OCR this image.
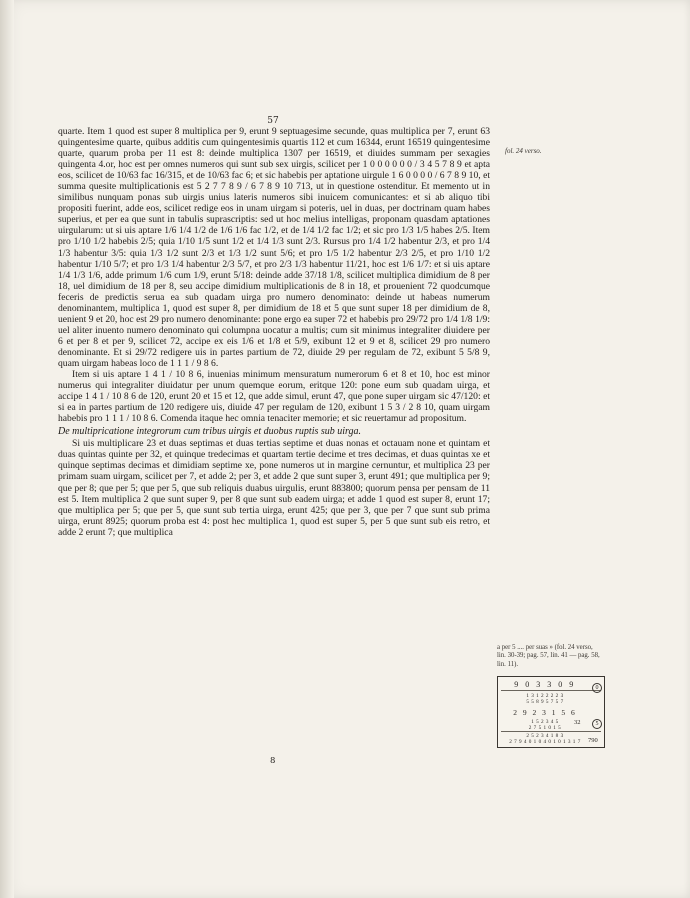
57

quarte. Item 1 quod est super 8 multiplica per 9, erunt 9 septuagesime secunde, quas multiplica per 7, erunt 63 quingentesime quarte, quibus additis cum quingentesimis quartis 112 et cum 16344, erunt 16519 quingentesime quarte, quarum proba per 11 est 8: deinde multiplica 1307 per 16519, et diuides summam per sexagies quingenta 4.or, hoc est per omnes numeros qui sunt sub sex uirgis, scilicet per 1 0 0 0 0 0 0 / 3 4 5 7 8 9 et apta eos, scilicet de 10/63 fac 16/315, et de 10/63 fac 6; et sic habebis per aptatione uirgule 1 6 0 0 0 0 / 6 7 8 9 10, et summa quesite multiplicationis est 5 2 7 7 8 9 / 6 7 8 9 10 713, ut in questione ostenditur. Et memento ut in similibus nunquam ponas sub uirgis unius lateris numeros sibi inuicem comunicantes: et si ab aliquo tibi propositi fuerint, adde eos, scilicet redige eos in unam uirgam si poteris, uel in duas, per doctrinam quam habes superius, et per ea que sunt in tabulis suprascriptis: sed ut hoc melius intelligas, proponam quasdam aptationes uirgularum: ut si uis aptare 1/6 1/4 1/2 de 1/6 1/6 fac 1/2, et de 1/4 1/2 fac 1/2; et sic pro 1/3 1/5 habes 2/5. Item pro 1/10 1/2 habebis 2/5; quia 1/10 1/5 sunt 1/2 et 1/4 1/3 sunt 2/3. Rursus pro 1/4 1/2 habentur 2/3, et pro 1/4 1/3 habentur 3/5: quia 1/3 1/2 sunt 2/3 et 1/3 1/2 sunt 5/6; et pro 1/5 1/2 habentur 2/3 2/5, et pro 1/10 1/2 habentur 1/10 5/7; et pro 1/3 1/4 habentur 2/3 5/7, et pro 2/3 1/3 habentur 11/21, hoc est 1/6 1/7: et si uis aptare 1/4 1/3 1/6, adde primum 1/6 cum 1/9, erunt 5/18: deinde adde 37/18 1/8, scilicet multiplica dimidium de 8 per 18, uel dimidium de 18 per 8, seu accipe dimidium multiplicationis de 8 in 18, et prouenient 72 quodcumque feceris de predictis serua ea sub quadam uirga pro numero denominato: deinde ut habeas numerum denominantem, multiplica 1, quod est super 8, per dimidium de 18 et 5 que sunt super 18 per dimidium de 8, uenient 9 et 20, hoc est 29 pro numero denominante: pone ergo ea super 72 et habebis pro 29/72 pro 1/4 1/8 1/9: uel aliter inuento numero denominato qui columpna uocatur a multis; cum sit minimus integraliter diuidere per 6 et per 8 et per 9, scilicet 72, accipe ex eis 1/6 et 1/8 et 5/9, exibunt 12 et 9 et 8, scilicet 29 pro numero denominante. Et si 29/72 redigere uis in partes partium de 72, diuide 29 per regulam de 72, exibunt 5 5/8 9, quam uirgam habeas loco de 1 1 1 / 9 8 6.

Item si uis aptare 1 4 1 / 10 8 6, inuenias minimum mensuratum numerorum 6 et 8 et 10, hoc est minor numerus qui integraliter diuidatur per unum quemque eorum, eritque 120: pone eum sub quadam uirga, et accipe 1 4 1 / 10 8 6 de 120, erunt 20 et 15 et 12, que adde simul, erunt 47, que pone super uirgam sic 47/120: et si ea in partes partium de 120 redigere uis, diuide 47 per regulam de 120, exibunt 1 5 3 / 2 8 10, quam uirgam habebis pro 1 1 1 / 10 8 6. Comenda itaque hec omnia tenaciter memorie; et sic reuertamur ad propositum.

De multipricatione integrorum cum tribus uirgis et duobus ruptis sub uirga.

Si uis multiplicare 23 et duas septimas et duas tertias septime et duas nonas et octauam none et quintam et duas quintas quinte per 32, et quinque tredecimas et quartam tertie decime et tres decimas, et duas quintas xe et quinque septimas decimas et dimidiam septime xe, pone numeros ut in margine cernuntur, et multiplica 23 per primam suam uirgam, scilicet per 7, et adde 2; per 3, et adde 2 que sunt super 3, erunt 491; que multiplica per 9; que per 8; que per 5; que per 5, que sub reliquis duabus uirgulis, erunt 883800; quorum pensa per pensam de 11 est 5. Item multiplica 2 que sunt super 9, per 8 que sunt sub eadem uirga; et adde 1 quod est super 8, erunt 17; que multiplica per 5; que per 5, que sunt sub tertia uirga, erunt 425; que per 3, que per 7 que sunt sub prima uirga, erunt 8925; quorum proba est 4: post hec multiplica 1, quod est super 5, per 5 que sunt sub eis retro, et adde 2 erunt 7; que multiplica

8
fol. 24 verso.
a per 5 .... per suas » (fol. 24 verso, lin. 30-39; pag. 57, lin. 41 — pag. 58, lin. 11).
9 0 3 3 0 9
1 3 1 2 2 2 2 3
5 5 8 9 5 7 5 7
2 9 2 3 1 5 6
1 5 2 3 4 5
2 7 5 1 0 1 5
2 5 2 3 4 1 8 3
2 7 9 4 0 1 0 4 0 1 0 1 3 1 7
0
32	5
790
